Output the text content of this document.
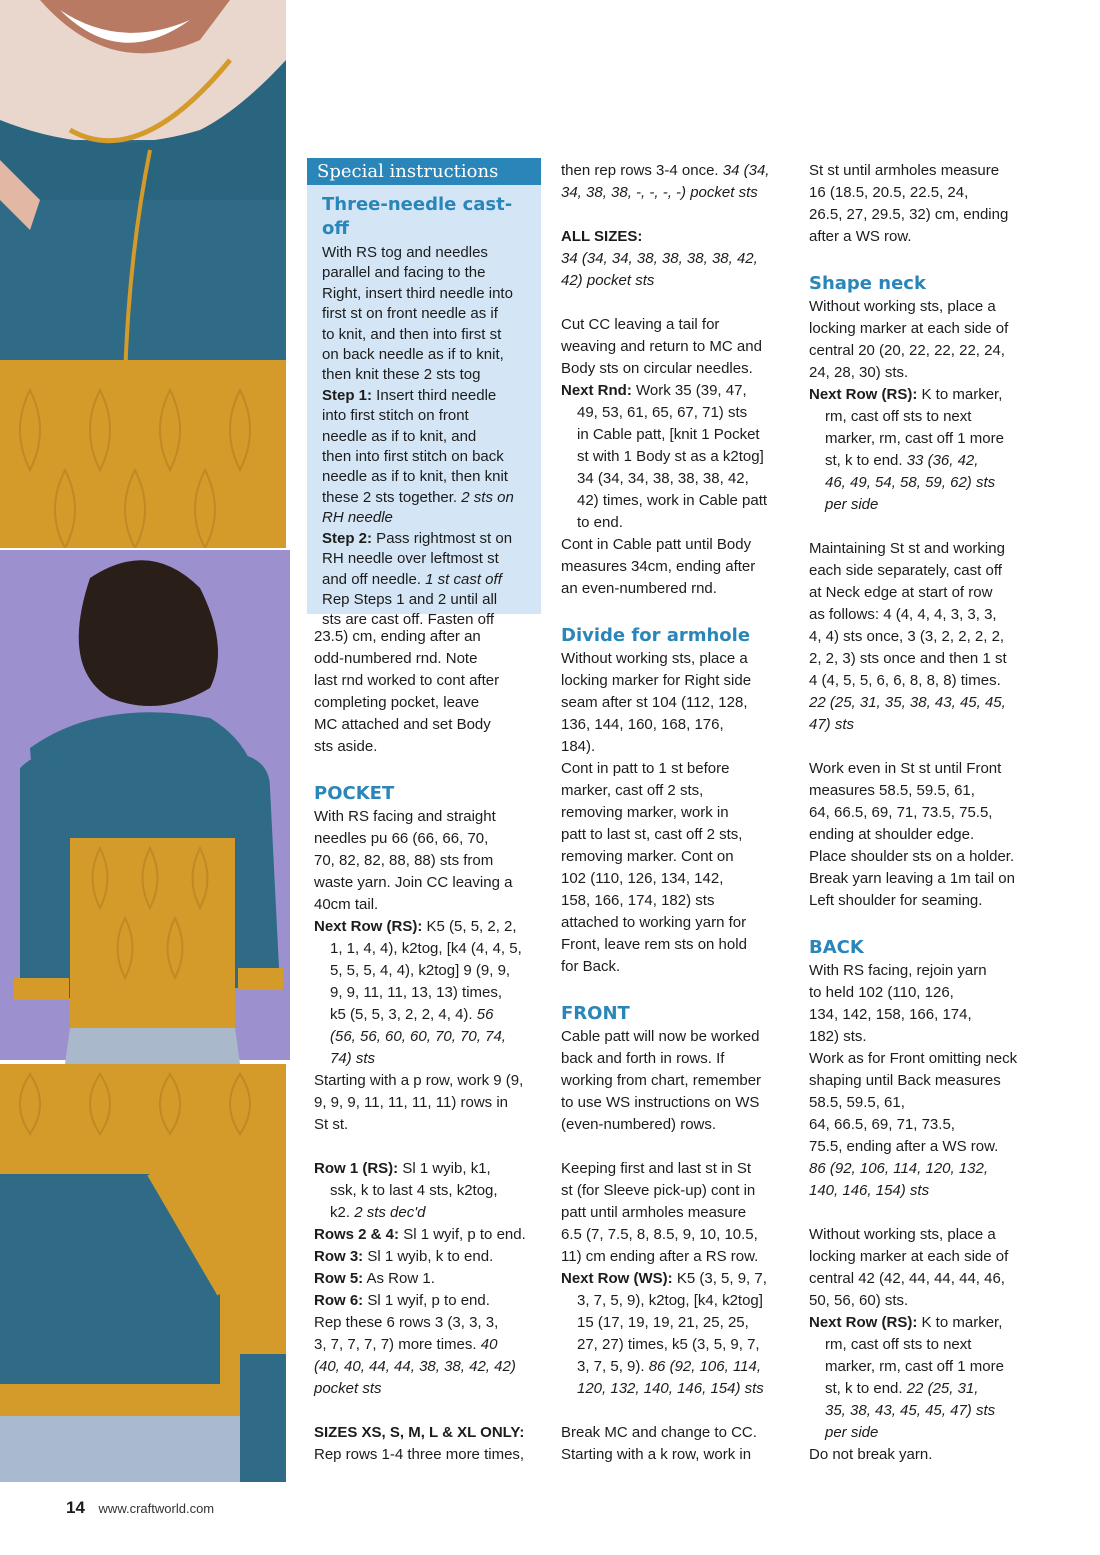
Special instructions
Three-needle cast-off
With RS tog and needles
parallel and facing to the
Right, insert third needle into
first st on front needle as if
to knit, and then into first st
on back needle as if to knit,
then knit these 2 sts tog
Step 1: Insert third needle
into first stitch on front
needle as if to knit, and
then into first stitch on back
needle as if to knit, then knit
these 2 sts together. 2 sts on
RH needle
Step 2: Pass rightmost st on
RH needle over leftmost st
and off needle. 1 st cast off
Rep Steps 1 and 2 until all
sts are cast off. Fasten off
23.5) cm, ending after an
odd-numbered rnd. Note
last rnd worked to cont after
completing pocket, leave
MC attached and set Body
sts aside.
POCKET
With RS facing and straight
needles pu 66 (66, 66, 70,
70, 82, 82, 88, 88) sts from
waste yarn. Join CC leaving a
40cm tail.
Next Row (RS): K5 (5, 5, 2, 2,
1, 1, 4, 4), k2tog, [k4 (4, 4, 5,
5, 5, 5, 4, 4), k2tog] 9 (9, 9,
9, 9, 11, 11, 13, 13) times,
k5 (5, 5, 3, 2, 2, 4, 4). 56
(56, 56, 60, 60, 70, 70, 74,
74) sts
Starting with a p row, work 9 (9,
9, 9, 9, 11, 11, 11, 11) rows in
St st.
Row 1 (RS): Sl 1 wyib, k1,
ssk, k to last 4 sts, k2tog,
k2. 2 sts dec'd
Rows 2 & 4: Sl 1 wyif, p to end.
Row 3: Sl 1 wyib, k to end.
Row 5: As Row 1.
Row 6: Sl 1 wyif, p to end.
Rep these 6 rows 3 (3, 3, 3,
3, 7, 7, 7, 7) more times. 40
(40, 40, 44, 44, 38, 38, 42, 42)
pocket sts
SIZES XS, S, M, L & XL ONLY:
Rep rows 1-4 three more times,
then rep rows 3-4 once. 34 (34,
34, 38, 38, -, -, -, -) pocket sts
ALL SIZES:
34 (34, 34, 38, 38, 38, 38, 42,
42) pocket sts
Cut CC leaving a tail for
weaving and return to MC and
Body sts on circular needles.
Next Rnd: Work 35 (39, 47,
49, 53, 61, 65, 67, 71) sts
in Cable patt, [knit 1 Pocket
st with 1 Body st as a k2tog]
34 (34, 34, 38, 38, 38, 42,
42) times, work in Cable patt
to end.
Cont in Cable patt until Body
measures 34cm, ending after
an even-numbered rnd.
Divide for armhole
Without working sts, place a
locking marker for Right side
seam after st 104 (112, 128,
136, 144, 160, 168, 176,
184).
Cont in patt to 1 st before
marker, cast off 2 sts,
removing marker, work in
patt to last st, cast off 2 sts,
removing marker. Cont on
102 (110, 126, 134, 142,
158, 166, 174, 182) sts
attached to working yarn for
Front, leave rem sts on hold
for Back.
FRONT
Cable patt will now be worked
back and forth in rows. If
working from chart, remember
to use WS instructions on WS
(even-numbered) rows.
Keeping first and last st in St
st (for Sleeve pick-up) cont in
patt until armholes measure
6.5 (7, 7.5, 8, 8.5, 9, 10, 10.5,
11) cm ending after a RS row.
Next Row (WS): K5 (3, 5, 9, 7,
3, 7, 5, 9), k2tog, [k4, k2tog]
15 (17, 19, 19, 21, 25, 25,
27, 27) times, k5 (3, 5, 9, 7,
3, 7, 5, 9). 86 (92, 106, 114,
120, 132, 140, 146, 154) sts
Break MC and change to CC.
Starting with a k row, work in
St st until armholes measure
16 (18.5, 20.5, 22.5, 24,
26.5, 27, 29.5, 32) cm, ending
after a WS row.
Shape neck
Without working sts, place a
locking marker at each side of
central 20 (20, 22, 22, 22, 24,
24, 28, 30) sts.
Next Row (RS): K to marker,
rm, cast off sts to next
marker, rm, cast off 1 more
st, k to end. 33 (36, 42,
46, 49, 54, 58, 59, 62) sts
per side
Maintaining St st and working
each side separately, cast off
at Neck edge at start of row
as follows: 4 (4, 4, 4, 3, 3, 3,
4, 4) sts once, 3 (3, 2, 2, 2, 2,
2, 2, 3) sts once and then 1 st
4 (4, 5, 5, 6, 6, 8, 8, 8) times.
22 (25, 31, 35, 38, 43, 45, 45,
47) sts
Work even in St st until Front
measures 58.5, 59.5, 61,
64, 66.5, 69, 71, 73.5, 75.5,
ending at shoulder edge.
Place shoulder sts on a holder.
Break yarn leaving a 1m tail on
Left shoulder for seaming.
BACK
With RS facing, rejoin yarn
to held 102 (110, 126,
134, 142, 158, 166, 174,
182) sts.
Work as for Front omitting neck
shaping until Back measures
58.5, 59.5, 61,
64, 66.5, 69, 71, 73.5,
75.5, ending after a WS row.
86 (92, 106, 114, 120, 132,
140, 146, 154) sts
Without working sts, place a
locking marker at each side of
central 42 (42, 44, 44, 44, 46,
50, 56, 60) sts.
Next Row (RS): K to marker,
rm, cast off sts to next
marker, rm, cast off 1 more
st, k to end. 22 (25, 31,
35, 38, 43, 45, 45, 47) sts
per side
Do not break yarn.
14 www.craftworld.com
